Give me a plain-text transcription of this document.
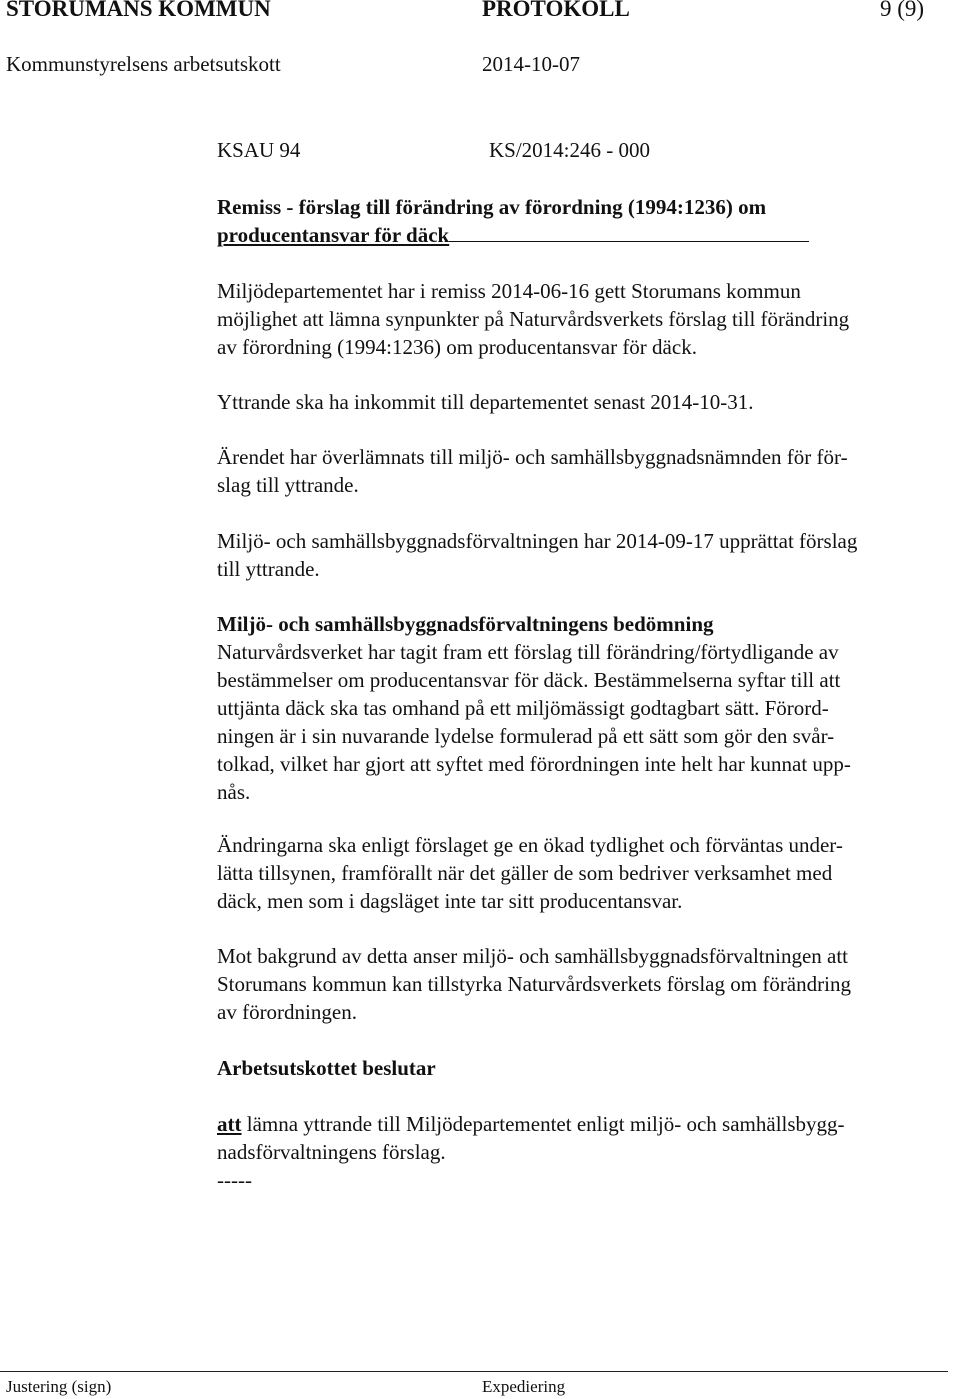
STORUMANS KOMMUN	PROTOKOLL	9 (9)
Kommunstyrelsens arbetsutskott	2014-10-07
KSAU 94	KS/2014:246 - 000
Remiss - förslag till förändring av förordning (1994:1236) om
producentansvar för däck
Miljödepartementet har i remiss 2014-06-16 gett Storumans kommun
möjlighet att lämna synpunkter på Naturvårdsverkets förslag till förändring
av förordning (1994:1236) om producentansvar för däck.
Yttrande ska ha inkommit till departementet senast 2014-10-31.
Ärendet har överlämnats till miljö- och samhällsbyggnadsnämnden för för-
slag till yttrande.
Miljö- och samhällsbyggnadsförvaltningen har 2014-09-17 upprättat förslag
till yttrande.
Miljö- och samhällsbyggnadsförvaltningens bedömning
Naturvårdsverket har tagit fram ett förslag till förändring/förtydligande av
bestämmelser om producentansvar för däck. Bestämmelserna syftar till att
uttjänta däck ska tas omhand på ett miljömässigt godtagbart sätt. Förord-
ningen är i sin nuvarande lydelse formulerad på ett sätt som gör den svår-
tolkad, vilket har gjort att syftet med förordningen inte helt har kunnat upp-
nås.
Ändringarna ska enligt förslaget ge en ökad tydlighet och förväntas under-
lätta tillsynen, framförallt när det gäller de som bedriver verksamhet med
däck, men som i dagsläget inte tar sitt producentansvar.
Mot bakgrund av detta anser miljö- och samhällsbyggnadsförvaltningen att
Storumans kommun kan tillstyrka Naturvårdsverkets förslag om förändring
av förordningen.
Arbetsutskottet beslutar
att lämna yttrande till Miljödepartementet enligt miljö- och samhällsbygg-
nadsförvaltningens förslag.
-----
Justering (sign)	Expediering
